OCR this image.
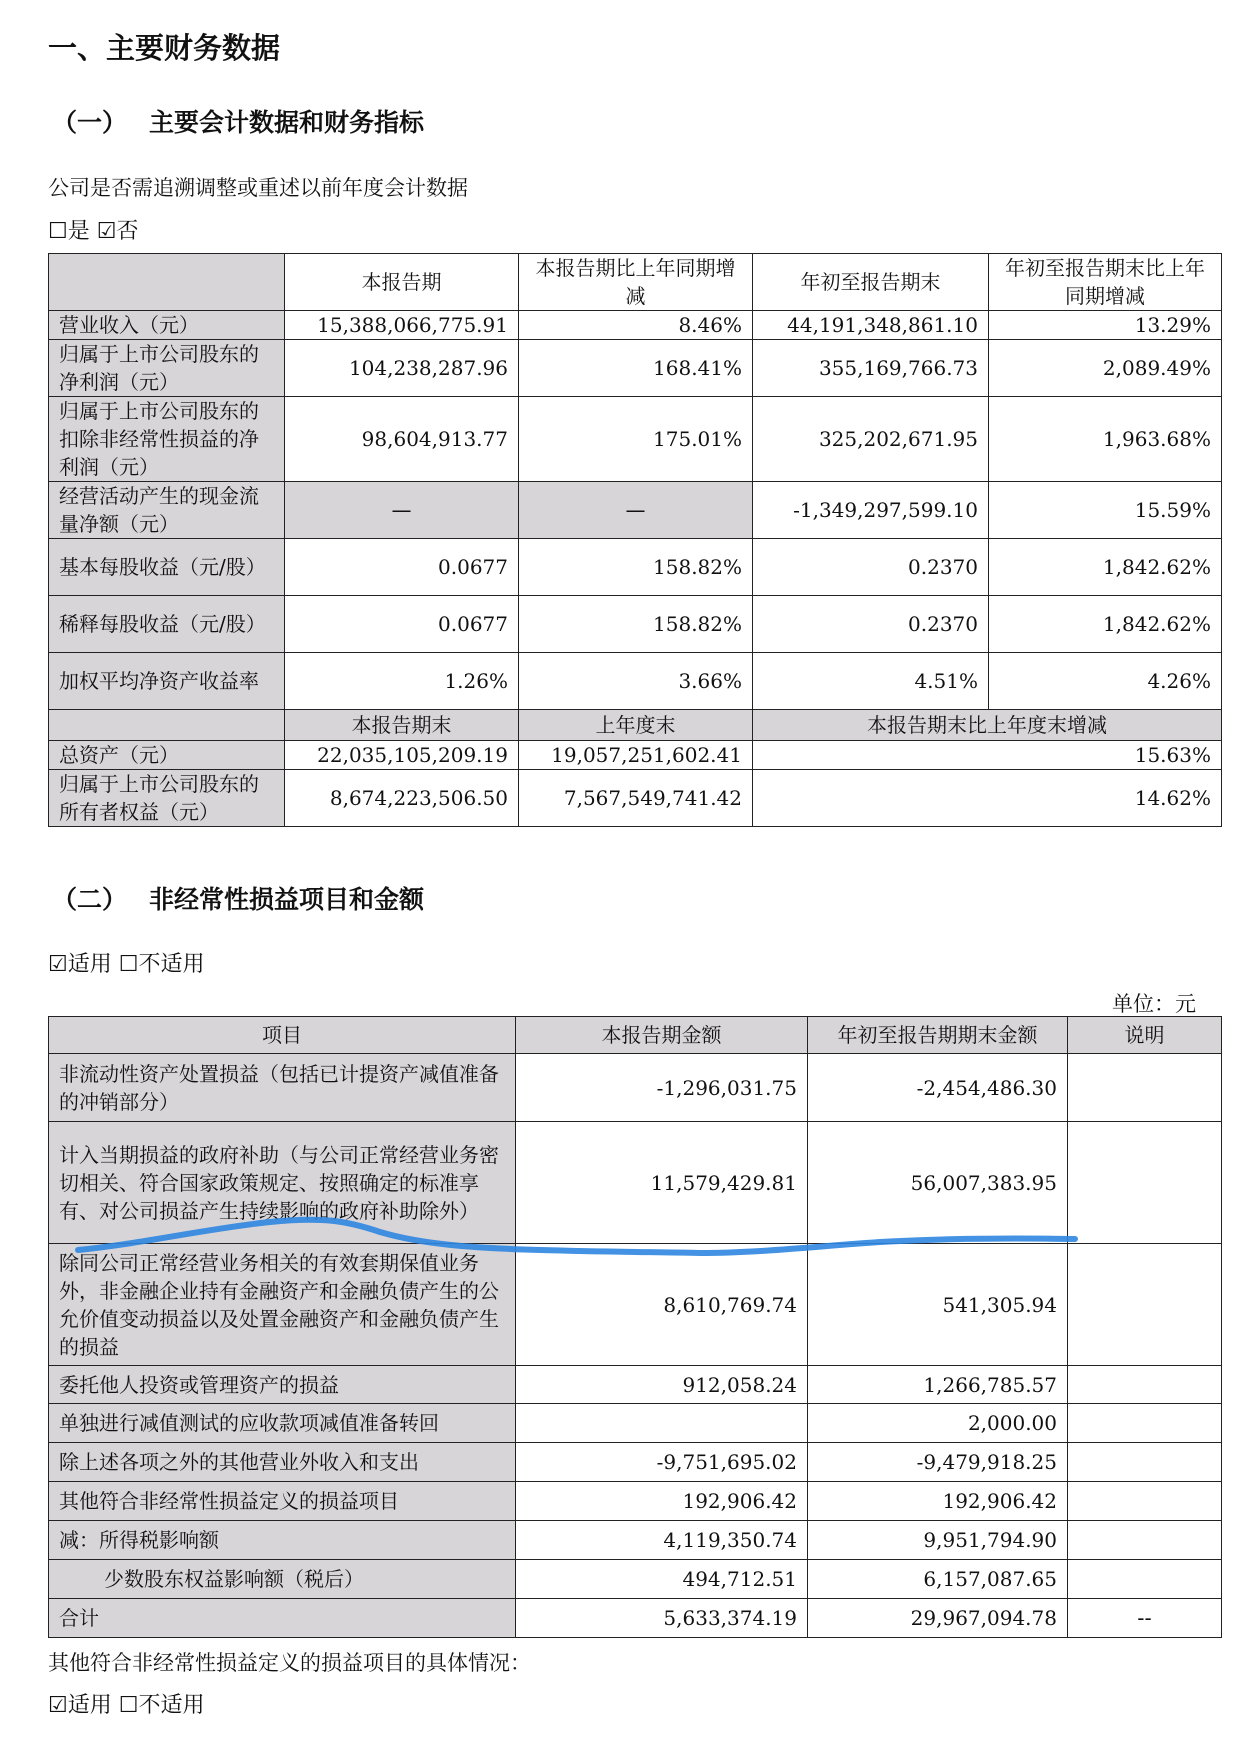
一、主要财务数据
（一） 主要会计数据和财务指标
公司是否需追溯调整或重述以前年度会计数据
☐是 ☑否
	本报告期	本报告期比上年同期增减	年初至报告期末	年初至报告期末比上年同期增减
营业收入（元）	15,388,066,775.91	8.46%	44,191,348,861.10	13.29%
归属于上市公司股东的净利润（元）	104,238,287.96	168.41%	355,169,766.73	2,089.49%
归属于上市公司股东的扣除非经常性损益的净利润（元）	98,604,913.77	175.01%	325,202,671.95	1,963.68%
经营活动产生的现金流量净额（元）	—	—	-1,349,297,599.10	15.59%
基本每股收益（元/股）	0.0677	158.82%	0.2370	1,842.62%
稀释每股收益（元/股）	0.0677	158.82%	0.2370	1,842.62%
加权平均净资产收益率	1.26%	3.66%	4.51%	4.26%
	本报告期末	上年度末	本报告期末比上年度末增减	
总资产（元）	22,035,105,209.19	19,057,251,602.41	15.63%	
归属于上市公司股东的所有者权益（元）	8,674,223,506.50	7,567,549,741.42	14.62%	
（二） 非经常性损益项目和金额
☑适用 ☐不适用
单位：元
项目	本报告期金额	年初至报告期期末金额	说明
非流动性资产处置损益（包括已计提资产减值准备的冲销部分）	-1,296,031.75	-2,454,486.30	
计入当期损益的政府补助（与公司正常经营业务密切相关、符合国家政策规定、按照确定的标准享有、对公司损益产生持续影响的政府补助除外）	11,579,429.81	56,007,383.95	
除同公司正常经营业务相关的有效套期保值业务外，非金融企业持有金融资产和金融负债产生的公允价值变动损益以及处置金融资产和金融负债产生的损益	8,610,769.74	541,305.94	
委托他人投资或管理资产的损益	912,058.24	1,266,785.57	
单独进行减值测试的应收款项减值准备转回		2,000.00	
除上述各项之外的其他营业外收入和支出	-9,751,695.02	-9,479,918.25	
其他符合非经常性损益定义的损益项目	192,906.42	192,906.42	
减：所得税影响额	4,119,350.74	9,951,794.90	
少数股东权益影响额（税后）	494,712.51	6,157,087.65	
合计	5,633,374.19	29,967,094.78	--
其他符合非经常性损益定义的损益项目的具体情况：
☑适用 ☐不适用
